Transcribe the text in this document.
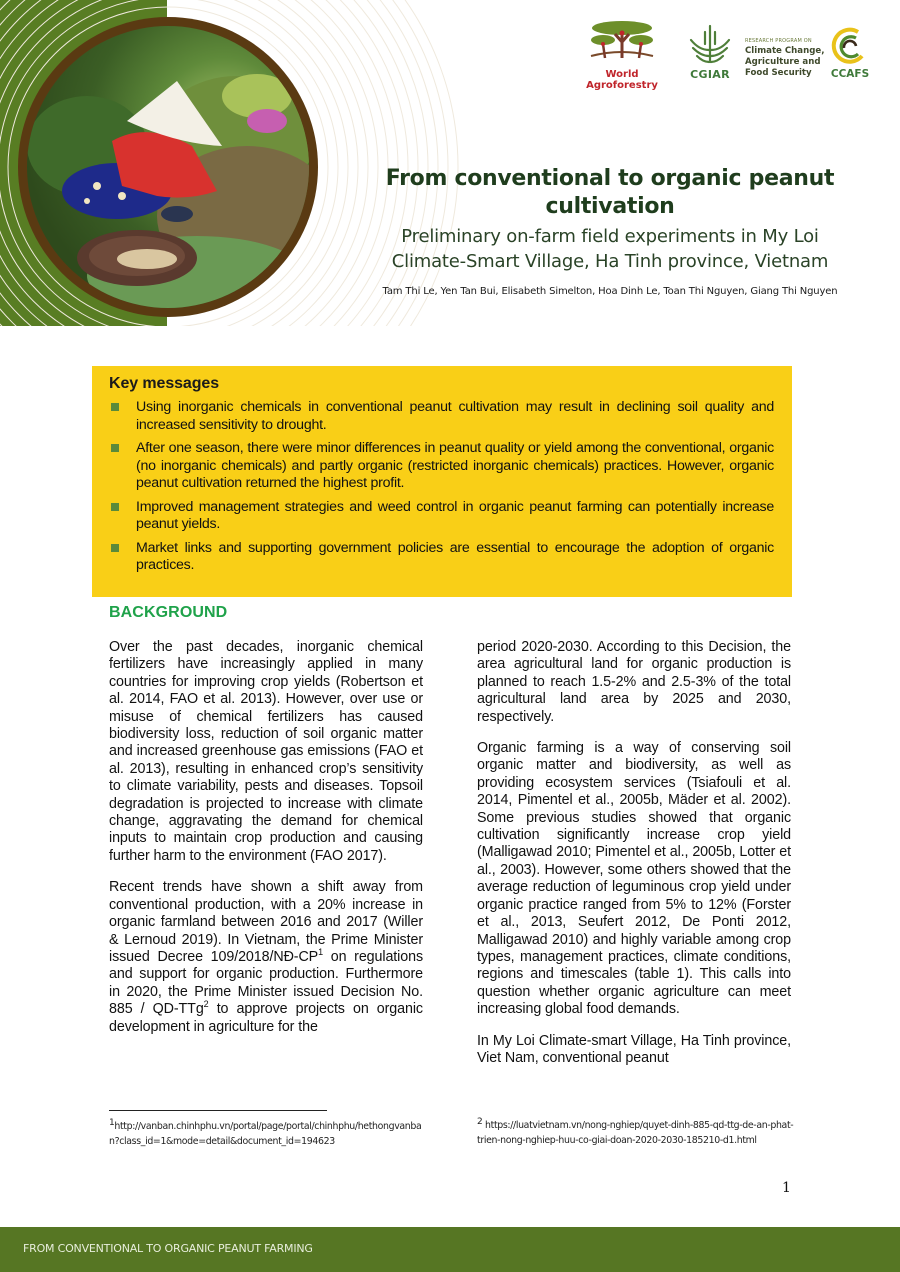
World
Agroforestry
CGIAR
RESEARCH PROGRAM ON
Climate Change,
Agriculture and
Food Security	CCAFS
From conventional to organic peanut cultivation
Preliminary on-farm field experiments in My Loi
Climate-Smart Village, Ha Tinh province, Vietnam
Tam Thi Le, Yen Tan Bui, Elisabeth Simelton, Hoa Dinh Le, Toan Thi Nguyen, Giang Thi Nguyen
Key messages
Using inorganic chemicals in conventional peanut cultivation may result in declining soil quality and increased sensitivity to drought.
After one season, there were minor differences in peanut quality or yield among the conventional, organic (no inorganic chemicals) and partly organic (restricted inorganic chemicals) practices. However, organic peanut cultivation returned the highest profit.
Improved management strategies and weed control in organic peanut farming can potentially increase peanut yields.
Market links and supporting government policies are essential to encourage the adoption of organic practices.
BACKGROUND

Over the past decades, inorganic chemical fertilizers have increasingly applied in many countries for improving crop yields (Robertson et al. 2014, FAO et al. 2013). However, over use or misuse of chemical fertilizers has caused biodiversity loss, reduction of soil organic matter and increased greenhouse gas emissions (FAO et al. 2013), resulting in enhanced crop’s sensitivity to climate variability, pests and diseases. Topsoil degradation is projected to increase with climate change, aggravating the demand for chemical inputs to maintain crop production and causing further harm to the environment (FAO 2017).

Recent trends have shown a shift away from conventional production, with a 20% increase in organic farmland between 2016 and 2017 (Willer & Lernoud 2019). In Vietnam, the Prime Minister issued Decree $109/2018/NĐ-CP^1$ on regulations and support for organic production. Furthermore in 2020, the Prime Minister issued Decision No. 885 / QD-TTg$^2$ to approve projects on organic development in agriculture for the

period 2020-2030. According to this Decision, the area agricultural land for organic production is planned to reach 1.5-2% and 2.5-3% of the total agricultural land area by 2025 and 2030, respectively.

Organic farming is a way of conserving soil organic matter and biodiversity, as well as providing ecosystem services (Tsiafouli et al. 2014, Pimentel et al., 2005b, Mäder et al. 2002). Some previous studies showed that organic cultivation significantly increase crop yield (Malligawad 2010; Pimentel et al., 2005b, Lotter et al., 2003). However, some others showed that the average reduction of leguminous crop yield under organic practice ranged from 5% to 12% (Forster et al., 2013, Seufert 2012, De Ponti 2012, Malligawad 2010) and highly variable among crop types, management practices, climate conditions, regions and timescales (table 1). This calls into question whether organic agriculture can meet increasing global food demands.

In My Loi Climate-smart Village, Ha Tinh province, Viet Nam, conventional peanut

$^1$http://vanban.chinhphu.vn/portal/page/portal/chinhphu/hethongvanban?class_id=1&mode=detail&document_id=194623
$^2$ https://luatvietnam.vn/nong-nghiep/quyet-dinh-885-qd-ttg-de-an-phat-trien-nong-nghiep-huu-co-giai-doan-2020-2030-185210-d1.html
1
FROM CONVENTIONAL TO ORGANIC PEANUT FARMING
